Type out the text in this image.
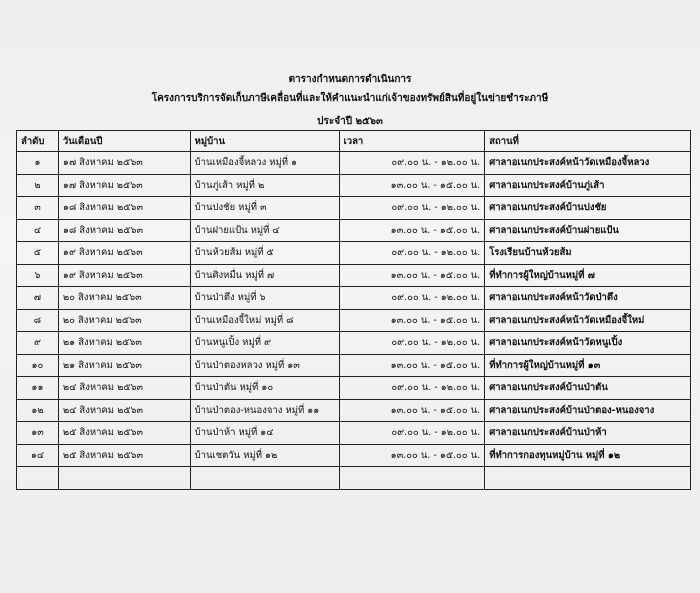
ตารางกำหนดการดำเนินการ
โครงการบริการจัดเก็บภาษีเคลื่อนที่และให้คำแนะนำแก่เจ้าของทรัพย์สินที่อยู่ในข่ายชำระภาษี
ประจำปี ๒๕๖๓
ลำดับ	วันเดือนปี	หมู่บ้าน	เวลา	สถานที่
๑	๑๗ สิงหาคม ๒๕๖๓	บ้านเหมืองจี้หลวง หมู่ที่ ๑	๐๙.๐๐ น. - ๑๒.๐๐ น.	ศาลาอเนกประสงค์หน้าวัดเหมืองจี้หลวง
๒	๑๗ สิงหาคม ๒๕๖๓	บ้านภู่เส้า หมู่ที่ ๒	๑๓.๐๐ น. - ๑๕.๐๐ น.	ศาลาอเนกประสงค์บ้านภู่เส้า
๓	๑๘ สิงหาคม ๒๕๖๓	บ้านปงชัย หมู่ที่ ๓	๐๙.๐๐ น. - ๑๒.๐๐ น.	ศาลาอเนกประสงค์บ้านปงชัย
๔	๑๘ สิงหาคม ๒๕๖๓	บ้านฝายแป้น หมู่ที่ ๔	๑๓.๐๐ น. - ๑๕.๐๐ น.	ศาลาอเนกประสงค์บ้านฝายแป้น
๕	๑๙ สิงหาคม ๒๕๖๓	บ้านห้วยส้ม หมู่ที่ ๕	๐๙.๐๐ น. - ๑๒.๐๐ น.	โรงเรียนบ้านห้วยส้ม
๖	๑๙ สิงหาคม ๒๕๖๓	บ้านศิงหมื่น หมู่ที่ ๗	๑๓.๐๐ น. - ๑๕.๐๐ น.	ที่ทำการผู้ใหญ่บ้านหมู่ที่ ๗
๗	๒๐ สิงหาคม ๒๕๖๓	บ้านป่าตึง หมู่ที่ ๖	๐๙.๐๐ น. - ๑๒.๐๐ น.	ศาลาอเนกประสงค์หน้าวัดป่าตึง
๘	๒๐ สิงหาคม ๒๕๖๓	บ้านเหมืองจี้ใหม่ หมู่ที่ ๘	๑๓.๐๐ น. - ๑๕.๐๐ น.	ศาลาอเนกประสงค์หน้าวัดเหมืองจี้ใหม่
๙	๒๑ สิงหาคม ๒๕๖๓	บ้านหนูเปิ้ง หมู่ที่ ๙	๐๙.๐๐ น. - ๑๒.๐๐ น.	ศาลาอเนกประสงค์หน้าวัดหนูเปิ้ง
๑๐	๒๑ สิงหาคม ๒๕๖๓	บ้านป่าตองหลวง หมู่ที่ ๑๓	๑๓.๐๐ น. - ๑๕.๐๐ น.	ที่ทำการผู้ใหญ่บ้านหมู่ที่ ๑๓
๑๑	๒๔ สิงหาคม ๒๕๖๓	บ้านป่าตัน หมู่ที่ ๑๐	๐๙.๐๐ น. - ๑๒.๐๐ น.	ศาลาอเนกประสงค์บ้านป่าตัน
๑๒	๒๔ สิงหาคม ๒๕๖๓	บ้านป่าตอง-หนองจาง หมู่ที่ ๑๑	๑๓.๐๐ น. - ๑๕.๐๐ น.	ศาลาอเนกประสงค์บ้านป่าตอง-หนองจาง
๑๓	๒๕ สิงหาคม ๒๕๖๓	บ้านป่าห้า หมู่ที่ ๑๔	๐๙.๐๐ น. - ๑๒.๐๐ น.	ศาลาอเนกประสงค์บ้านป่าห้า
๑๔	๒๕ สิงหาคม ๒๕๖๓	บ้านเชตวัน หมู่ที่ ๑๒	๑๓.๐๐ น. - ๑๕.๐๐ น.	ที่ทำการกองทุนหมู่บ้าน หมู่ที่ ๑๒
